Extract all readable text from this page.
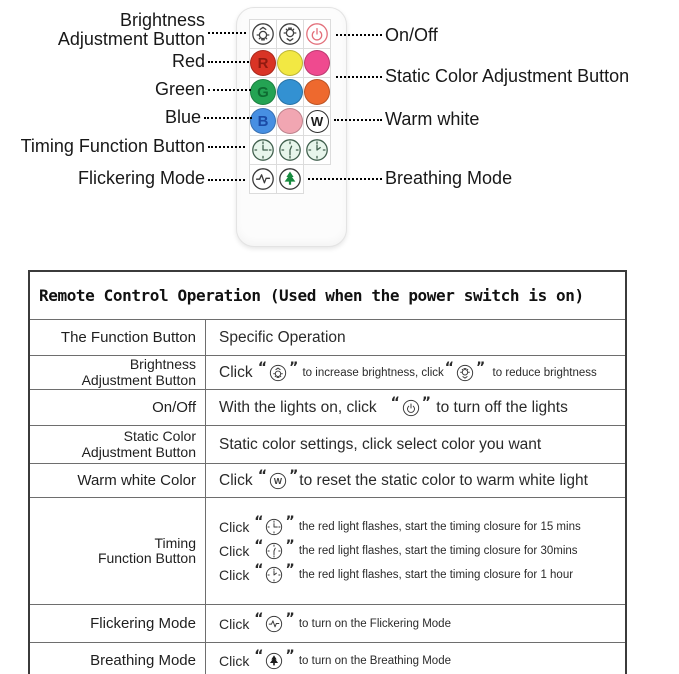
R
G
B	W
Brightness
Adjustment Button
Red
Green
Blue
Timing Function Button
Flickering Mode
On/Off
Static Color Adjustment Button
Warm white
Breathing Mode
Remote Control Operation (Used when the power switch is on)
The Function Button Specific Operation
Brightness
Adjustment Button Click “ ” to increase brightness, click “ ” to reduce brightness
On/Off With the lights on, click “ ” to turn off the lights
Static Color
Adjustment Button Static color settings, click select color you want
Warm white Color Click “ W ” to reset the static color to warm white light
Timing
Function Button
Click “ ” the red light flashes, start the timing closure for 15 mins
Click “ ” the red light flashes, start the timing closure for 30mins
Click “ ” the red light flashes, start the timing closure for 1 hour
Flickering Mode Click “ ” to turn on the Flickering Mode
Breathing Mode Click “ ” to turn on the Breathing Mode
